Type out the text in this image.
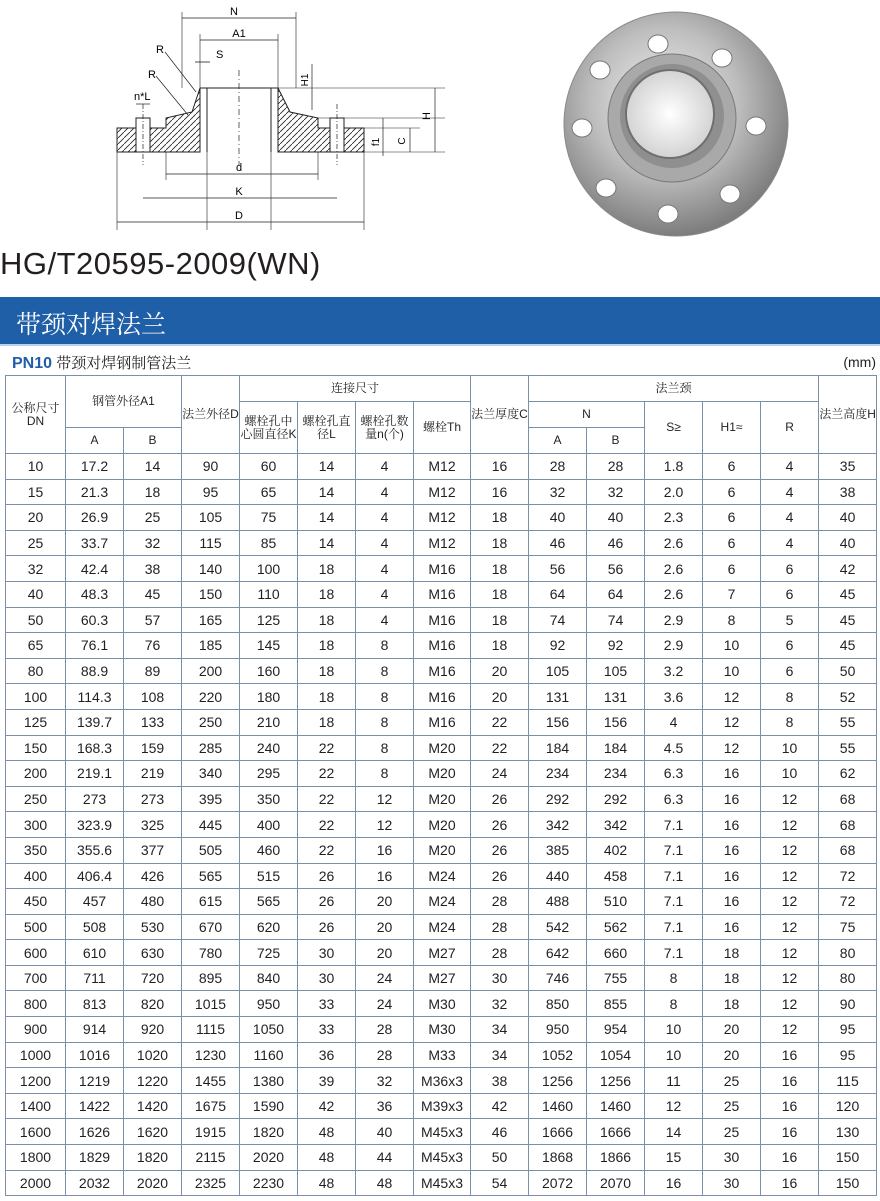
N
A1
S
R
R
n*L
H1
H
f1 C
d
K
D
HG/T20595-2009(WN)
带颈对焊法兰
PN10 带颈对焊钢制管法兰	(mm)
公称尺寸DN	钢管外径A1		法兰外径D	连接尺寸				法兰厚度C	法兰颈					法兰高度H
				螺栓孔中心圆直径K	螺栓孔直径L	螺栓孔数量n(个)	螺栓Th		N		S≥	H1≈	R	
	A	B							A	B				
10	17.2	14	90	60	14	4	M12	16	28	28	1.8	6	4	35
15	21.3	18	95	65	14	4	M12	16	32	32	2.0	6	4	38
20	26.9	25	105	75	14	4	M12	18	40	40	2.3	6	4	40
25	33.7	32	115	85	14	4	M12	18	46	46	2.6	6	4	40
32	42.4	38	140	100	18	4	M16	18	56	56	2.6	6	6	42
40	48.3	45	150	110	18	4	M16	18	64	64	2.6	7	6	45
50	60.3	57	165	125	18	4	M16	18	74	74	2.9	8	5	45
65	76.1	76	185	145	18	8	M16	18	92	92	2.9	10	6	45
80	88.9	89	200	160	18	8	M16	20	105	105	3.2	10	6	50
100	114.3	108	220	180	18	8	M16	20	131	131	3.6	12	8	52
125	139.7	133	250	210	18	8	M16	22	156	156	4	12	8	55
150	168.3	159	285	240	22	8	M20	22	184	184	4.5	12	10	55
200	219.1	219	340	295	22	8	M20	24	234	234	6.3	16	10	62
250	273	273	395	350	22	12	M20	26	292	292	6.3	16	12	68
300	323.9	325	445	400	22	12	M20	26	342	342	7.1	16	12	68
350	355.6	377	505	460	22	16	M20	26	385	402	7.1	16	12	68
400	406.4	426	565	515	26	16	M24	26	440	458	7.1	16	12	72
450	457	480	615	565	26	20	M24	28	488	510	7.1	16	12	72
500	508	530	670	620	26	20	M24	28	542	562	7.1	16	12	75
600	610	630	780	725	30	20	M27	28	642	660	7.1	18	12	80
700	711	720	895	840	30	24	M27	30	746	755	8	18	12	80
800	813	820	1015	950	33	24	M30	32	850	855	8	18	12	90
900	914	920	1115	1050	33	28	M30	34	950	954	10	20	12	95
1000	1016	1020	1230	1160	36	28	M33	34	1052	1054	10	20	16	95
1200	1219	1220	1455	1380	39	32	M36x3	38	1256	1256	11	25	16	115
1400	1422	1420	1675	1590	42	36	M39x3	42	1460	1460	12	25	16	120
1600	1626	1620	1915	1820	48	40	M45x3	46	1666	1666	14	25	16	130
1800	1829	1820	2115	2020	48	44	M45x3	50	1868	1866	15	30	16	150
2000	2032	2020	2325	2230	48	48	M45x3	54	2072	2070	16	30	16	150
